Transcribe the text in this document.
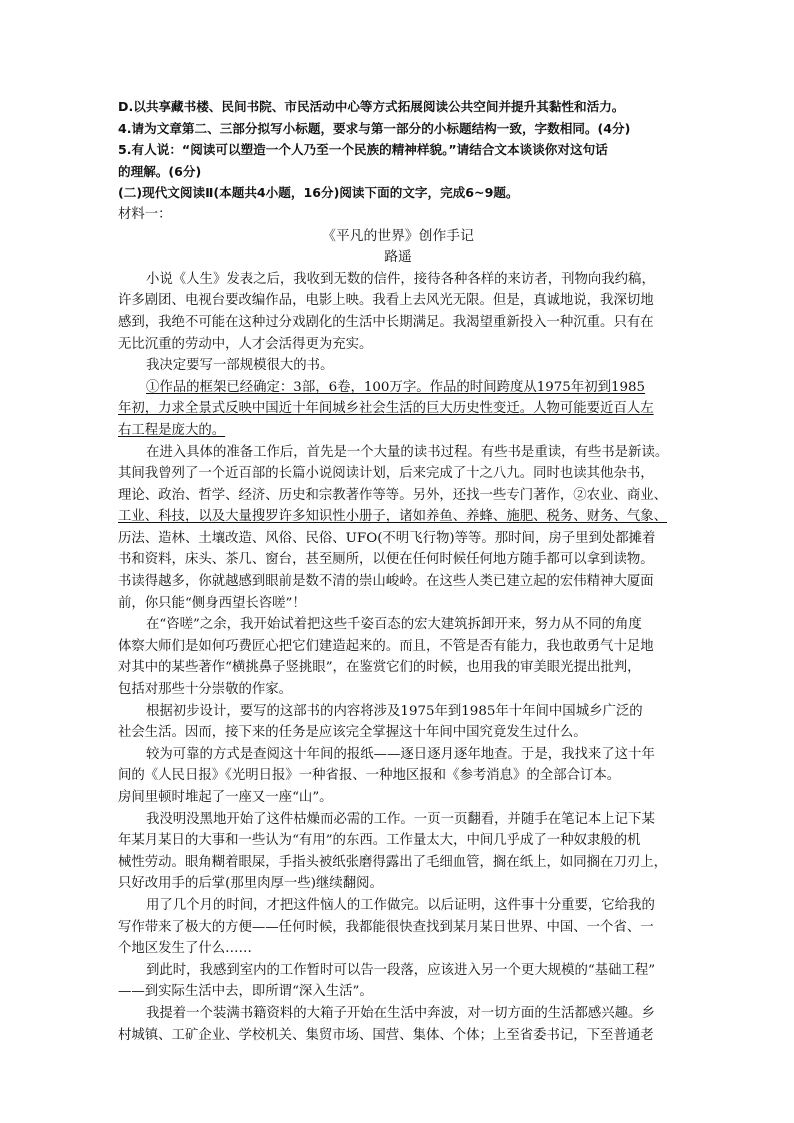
D.以共享藏书楼、民间书院、市民活动中心等方式拓展阅读公共空间并提升其黏性和活力。

4.请为文章第二、三部分拟写小标题，要求与第一部分的小标题结构一致，字数相同。(4分)

5.有人说：“阅读可以塑造一个人乃至一个民族的精神样貌。”请结合文本谈谈你对这句话

的理解。(6分)

(二)现代文阅读Ⅱ(本题共4小题，16分)阅读下面的文字，完成6~9题。

材料一：

《平凡的世界》创作手记

路遥

小说《人生》发表之后，我收到无数的信件，接待各种各样的来访者，刊物向我约稿，

许多剧团、电视台要改编作品，电影上映。我看上去风光无限。但是，真诚地说，我深切地

感到，我绝不可能在这种过分戏剧化的生活中长期满足。我渴望重新投入一种沉重。只有在

无比沉重的劳动中，人才会活得更为充实。

我决定要写一部规模很大的书。

①作品的框架已经确定：3部，6卷，100万字。作品的时间跨度从1975年初到1985

年初，力求全景式反映中国近十年间城乡社会生活的巨大历史性变迁。人物可能要近百人左

右工程是庞大的。

在进入具体的准备工作后，首先是一个大量的读书过程。有些书是重读，有些书是新读。

其间我曾列了一个近百部的长篇小说阅读计划，后来完成了十之八九。同时也读其他杂书，

理论、政治、哲学、经济、历史和宗教著作等等。另外，还找一些专门著作，②农业、商业、

工业、科技，以及大量搜罗许多知识性小册子，诸如养鱼、养蜂、施肥、税务、财务、气象、

历法、造林、土壤改造、风俗、民俗、UFO(不明飞行物)等等。那时间，房子里到处都摊着

书和资料，床头、茶几、窗台，甚至厕所，以便在任何时候任何地方随手都可以拿到读物。

书读得越多，你就越感到眼前是数不清的崇山峻岭。在这些人类已建立起的宏伟精神大厦面

前，你只能“侧身西望长咨嗟”！

在“咨嗟”之余，我开始试着把这些千姿百态的宏大建筑拆卸开来，努力从不同的角度

体察大师们是如何巧费匠心把它们建造起来的。而且，不管是否有能力，我也敢勇气十足地

对其中的某些著作“横挑鼻子竖挑眼”，在鉴赏它们的时候，也用我的审美眼光提出批判，

包括对那些十分崇敬的作家。

根据初步设计，要写的这部书的内容将涉及1975年到1985年十年间中国城乡广泛的

社会生活。因而，接下来的任务是应该完全掌握这十年间中国究竟发生过什么。

较为可靠的方式是查阅这十年间的报纸——逐日逐月逐年地查。于是，我找来了这十年

间的《人民日报》《光明日报》一种省报、一种地区报和《参考消息》的全部合订本。

房间里顿时堆起了一座又一座“山”。

我没明没黑地开始了这件枯燥而必需的工作。一页一页翻看，并随手在笔记本上记下某

年某月某日的大事和一些认为“有用”的东西。工作量太大，中间几乎成了一种奴隶般的机

械性劳动。眼角糊着眼屎，手指头被纸张磨得露出了毛细血管，搁在纸上，如同搁在刀刃上，

只好改用手的后掌(那里肉厚一些)继续翻阅。

用了几个月的时间，才把这件恼人的工作做完。以后证明，这件事十分重要，它给我的

写作带来了极大的方便——任何时候，我都能很快查找到某月某日世界、中国、一个省、一

个地区发生了什么……

到此时，我感到室内的工作暂时可以告一段落，应该进入另一个更大规模的“基础工程”

——到实际生活中去，即所谓“深入生活”。

我提着一个装满书籍资料的大箱子开始在生活中奔波，对一切方面的生活都感兴趣。乡

村城镇、工矿企业、学校机关、集贸市场、国营、集体、个体；上至省委书记，下至普通老
